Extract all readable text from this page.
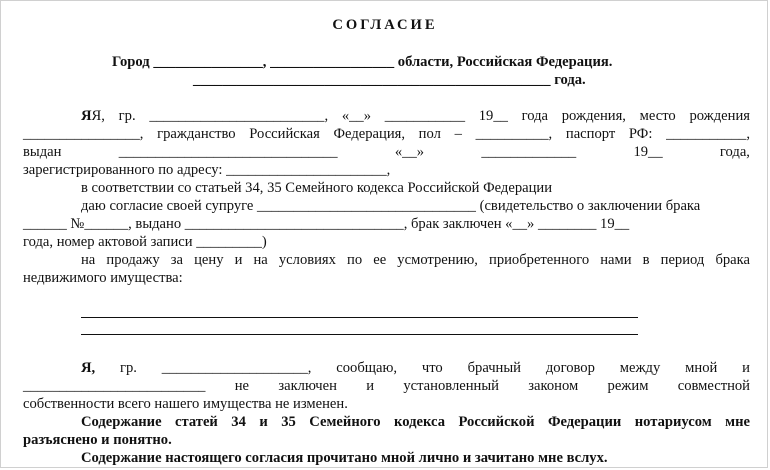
СОГЛАСИЕ

Город _______________, _________________ области, Российская Федерация.

_________________________________________________ года.

ЯЯ, гр. ________________________, «__» ___________ 19__ года рождения, место рождения

________________, гражданство Российская Федерация, пол – __________, паспорт РФ: ___________,

выдан	______________________________	«__»	_____________	19__	года,

зарегистрированного по адресу: ______________________,

в соответствии со статьей 34, 35 Семейного кодекса Российской Федерации

даю согласие своей супруге ______________________________ (свидетельство о заключении брака

______ №______, выдано ______________________________, брак заключен «__» ________ 19__

года, номер актовой записи _________)

на продажу за цену и на условиях по ее усмотрению, приобретенного нами в период брака

недвижимого имущества:

Я, гр. ____________________, сообщаю, что брачный договор между мной и

_________________________ не заключен и установленный законом режим совместной

собственности всего нашего имущества не изменен.

Содержание статей 34 и 35 Семейного кодекса Российской Федерации нотариусом мне

разъяснено и понятно.

Содержание настоящего согласия прочитано мной лично и зачитано мне вслух.
